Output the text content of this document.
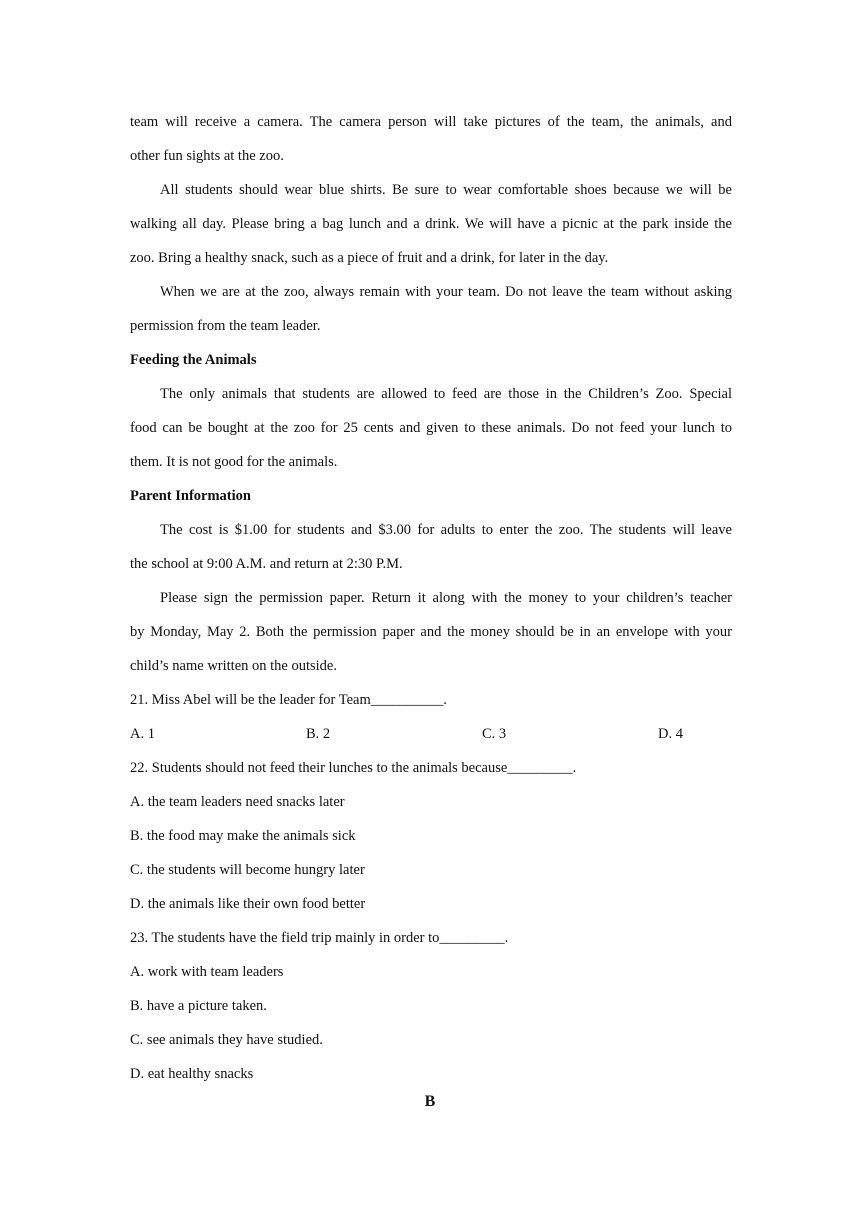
team will receive a camera. The camera person will take pictures of the team, the animals, and
other fun sights at the zoo.
All students should wear blue shirts. Be sure to wear comfortable shoes because we will be
walking all day. Please bring a bag lunch and a drink. We will have a picnic at the park inside the
zoo. Bring a healthy snack, such as a piece of fruit and a drink, for later in the day.
When we are at the zoo, always remain with your team. Do not leave the team without asking
permission from the team leader.
Feeding the Animals
The only animals that students are allowed to feed are those in the Children’s Zoo. Special
food can be bought at the zoo for 25 cents and given to these animals. Do not feed your lunch to
them. It is not good for the animals.
Parent Information
The cost is $1.00 for students and $3.00 for adults to enter the zoo. The students will leave
the school at 9:00 A.M. and return at 2:30 P.M.
Please sign the permission paper. Return it along with the money to your children’s teacher
by Monday, May 2. Both the permission paper and the money should be in an envelope with your
child’s name written on the outside.
21. Miss Abel will be the leader for Team__________.
A. 1	B. 2	C. 3	D. 4
22. Students should not feed their lunches to the animals because_________.
A. the team leaders need snacks later
B. the food may make the animals sick
C. the students will become hungry later
D. the animals like their own food better
23. The students have the field trip mainly in order to_________.
A. work with team leaders
B. have a picture taken.
C. see animals they have studied.
D. eat healthy snacks
B
